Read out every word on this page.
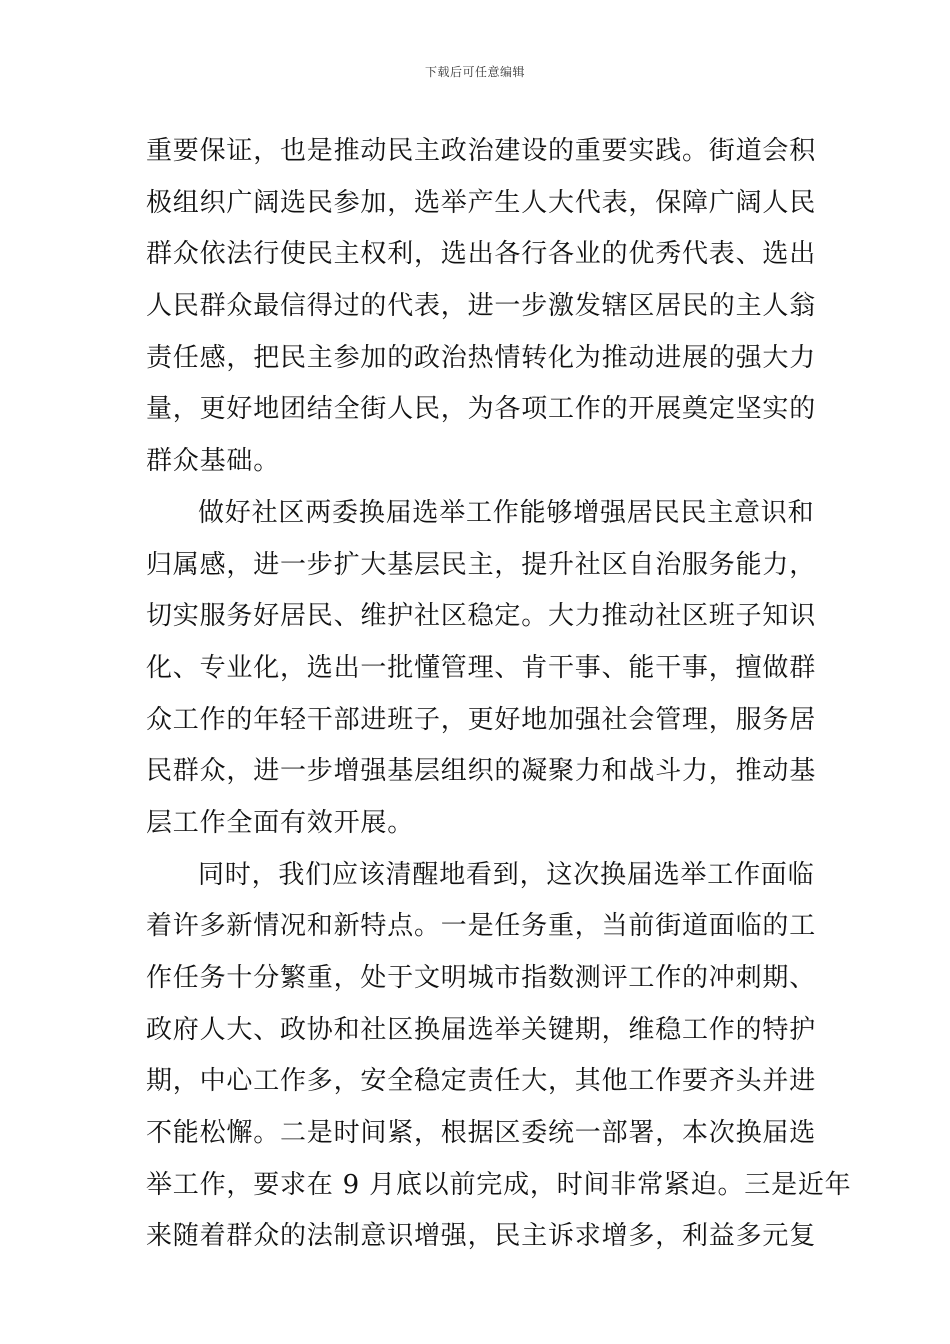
下载后可任意编辑
重要保证，也是推动民主政治建设的重要实践。街道会积
极组织广阔选民参加，选举产生人大代表，保障广阔人民
群众依法行使民主权利，选出各行各业的优秀代表、选出
人民群众最信得过的代表，进一步激发辖区居民的主人翁
责任感，把民主参加的政治热情转化为推动进展的强大力
量，更好地团结全街人民，为各项工作的开展奠定坚实的
群众基础。
做好社区两委换届选举工作能够增强居民民主意识和
归属感，进一步扩大基层民主，提升社区自治服务能力，
切实服务好居民、维护社区稳定。大力推动社区班子知识
化、专业化，选出一批懂管理、肯干事、能干事，擅做群
众工作的年轻干部进班子，更好地加强社会管理，服务居
民群众，进一步增强基层组织的凝聚力和战斗力，推动基
层工作全面有效开展。
同时，我们应该清醒地看到，这次换届选举工作面临
着许多新情况和新特点。一是任务重，当前街道面临的工
作任务十分繁重，处于文明城市指数测评工作的冲刺期、
政府人大、政协和社区换届选举关键期，维稳工作的特护
期，中心工作多，安全稳定责任大，其他工作要齐头并进
不能松懈。二是时间紧，根据区委统一部署，本次换届选
举工作，要求在 9 月底以前完成，时间非常紧迫。三是近年
来随着群众的法制意识增强，民主诉求增多，利益多元复
